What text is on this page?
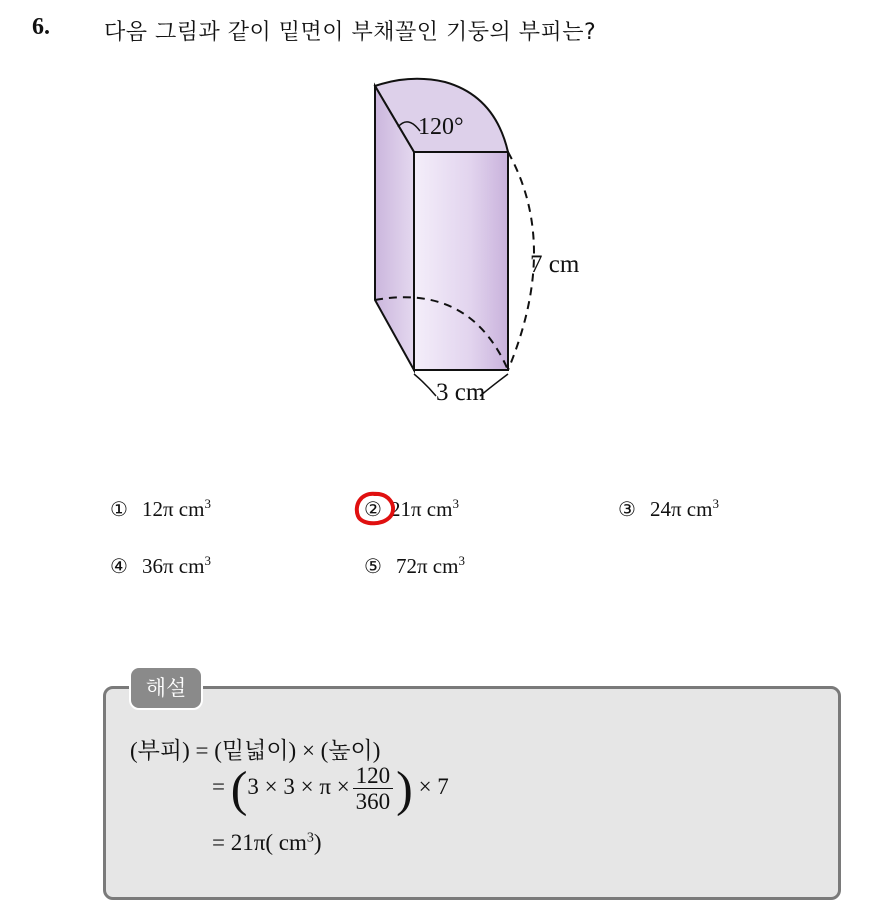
6. 다음 그림과 같이 밑면이 부채꼴인 기둥의 부피는?
120°
7 cm
3 cm
① 12π $cm^3$	② 21π $cm^3$	③ 24π $cm^3$
④ 36π $cm^3$	⑤ 72π $cm^3$
해설
(부피) = (밑넓이) × (높이)
= ($3 \times 3 \times \pi \times \frac{120}{360}$ ) × 7
= 21π( $cm^3$)
